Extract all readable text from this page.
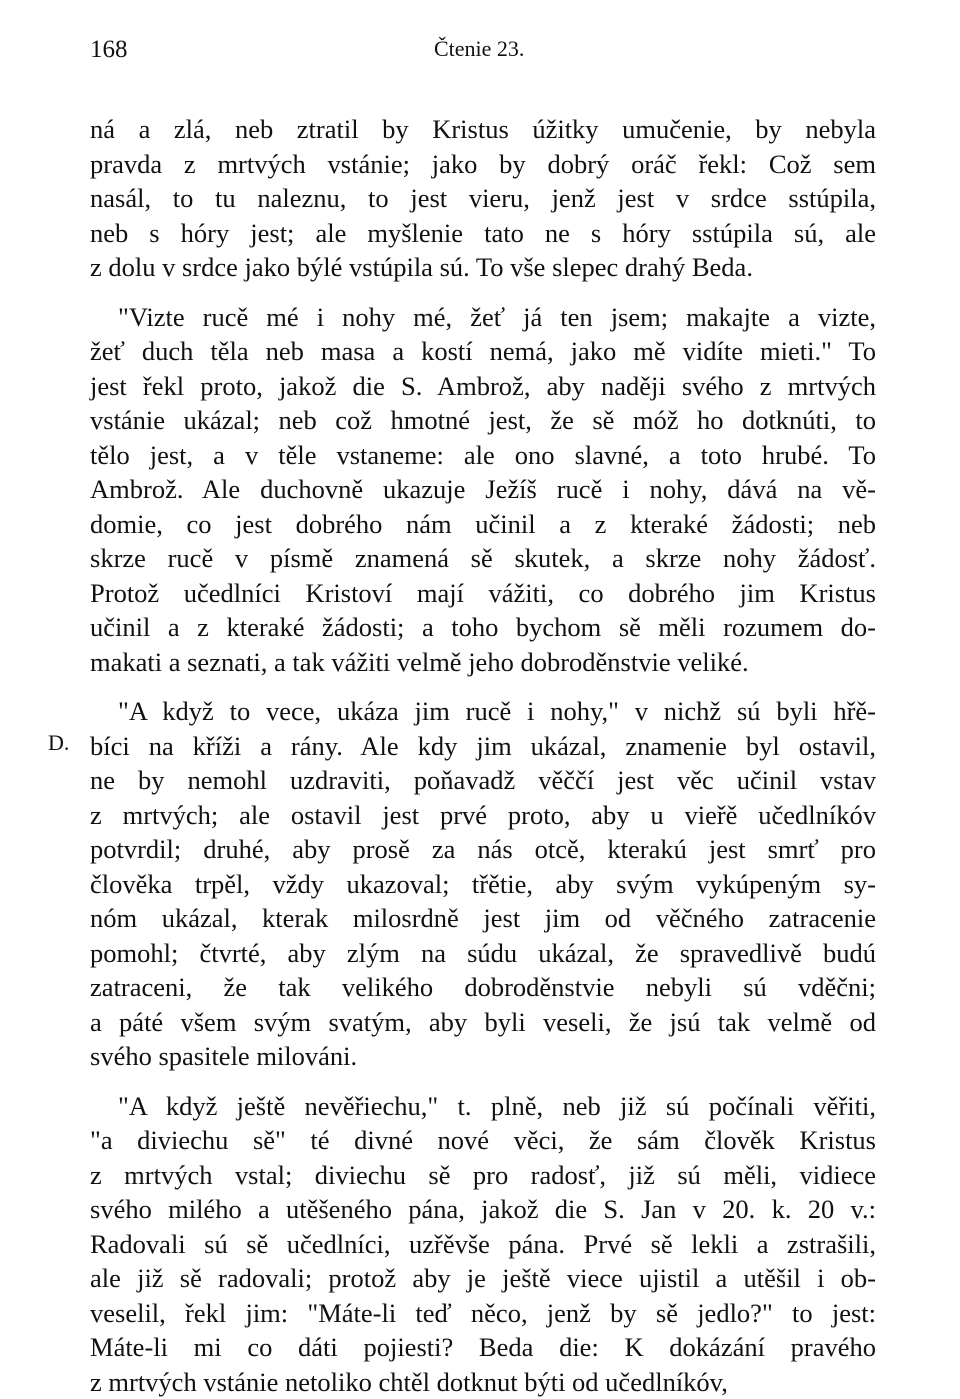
168	Čtenie 23.
D.
ná a zlá, neb ztratil by Kristus úžitky umučenie, by nebyla
pravda z mrtvých vstánie; jako by dobrý oráč řekl: Což sem
nasál, to tu naleznu, to jest vieru, jenž jest v srdce sstúpila,
neb s hóry jest; ale myšlenie tato ne s hóry sstúpila sú, ale
z dolu v srdce jako býlé vstúpila sú. To vše slepec drahý Beda.
"Vizte rucě mé i nohy mé, žeť já ten jsem; makajte a vizte,
žeť duch těla neb masa a kostí nemá, jako mě vidíte mieti." To
jest řekl proto, jakož die S. Ambrož, aby naději svého z mrtvých
vstánie ukázal; neb což hmotné jest, že sě móž ho dotknúti, to
tělo jest, a v těle vstaneme: ale ono slavné, a toto hrubé. To
Ambrož. Ale duchovně ukazuje Ježíš rucě i nohy, dává na vě-
domie, co jest dobrého nám učinil a z kteraké žádosti; neb
skrze rucě v písmě znamená sě skutek, a skrze nohy žádosť.
Protož učedlníci Kristoví mají vážiti, co dobrého jim Kristus
učinil a z kteraké žádosti; a toho bychom sě měli rozumem do-
makati a seznati, a tak vážiti velmě jeho dobroděnstvie veliké.
"A když to vece, ukáza jim rucě i nohy," v nichž sú byli hřě-
bíci na kříži a rány. Ale kdy jim ukázal, znamenie byl ostavil,
ne by nemohl uzdraviti, poňavadž věččí jest věc učinil vstav
z mrtvých; ale ostavil jest prvé proto, aby u vieřě učedlníkóv
potvrdil; druhé, aby prosě za nás otcě, kterakú jest smrť pro
člověka trpěl, vždy ukazoval; třětie, aby svým vykúpeným sy-
nóm ukázal, kterak milosrdně jest jim od věčného zatracenie
pomohl; čtvrté, aby zlým na súdu ukázal, že spravedlivě budú
zatraceni, že tak velikého dobroděnstvie nebyli sú vděčni;
a páté všem svým svatým, aby byli veseli, že jsú tak velmě od
svého spasitele milováni.
"A když ještě nevěřiechu," t. plně, neb již sú počínali věřiti,
"a diviechu sě" té divné nové věci, že sám člověk Kristus
z mrtvých vstal; diviechu sě pro radosť, již sú měli, vidiece
svého milého a utěšeného pána, jakož die S. Jan v 20. k. 20 v.:
Radovali sú sě učedlníci, uzřěvše pána. Prvé sě lekli a zstrašili,
ale již sě radovali; protož aby je ještě viece ujistil a utěšil i ob-
veselil, řekl jim: "Máte-li teď něco, jenž by sě jedlo?" to jest:
Máte-li mi co dáti pojiesti? Beda die: K dokázání pravého
z mrtvých vstánie netoliko chtěl dotknut býti od učedlníkóv,
